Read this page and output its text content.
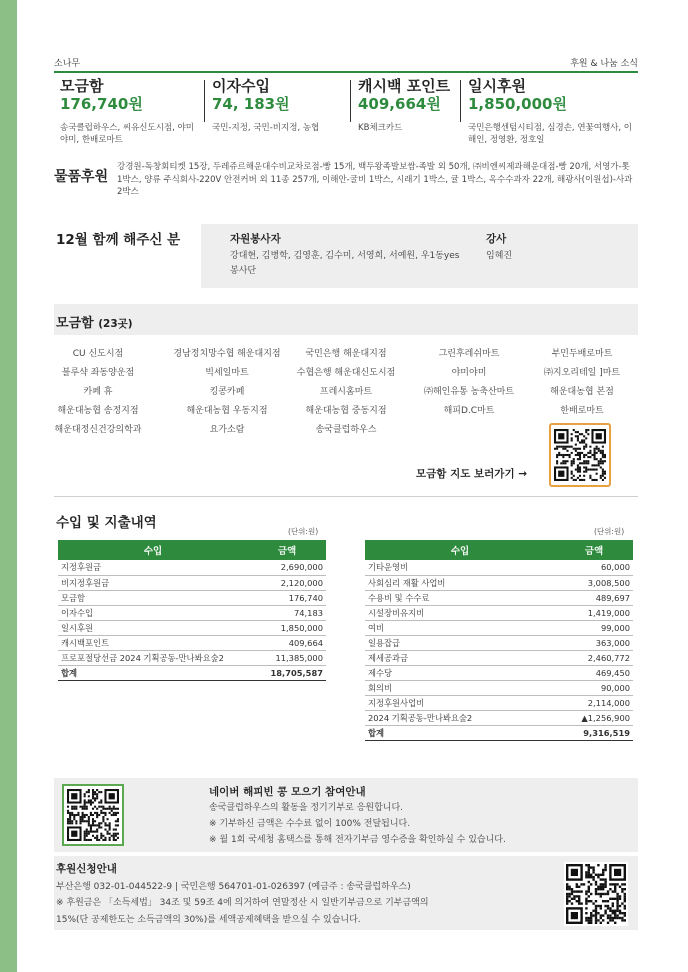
소나무	후원 & 나눔 소식
모금함
176,740원
송국클럽하우스, 씨유신도시점, 야미야미, 한배로마트
이자수입
74, 183원
국민-지정, 국민-비지정, 농협
캐시백 포인트
409,664원
KB체크카드
일시후원
1,850,000원
국민은행센텀시티점, 심경손, 연꽃여행사, 이해인, 정영환, 정호일
물품후원
강경원-독창회티켓 15장, 두레쥬르해운대수비교차로점-빵 15개, 백두왕족발보쌈-족발 외 50개, ㈜비엔씨제과해운대점-빵 20개, 서영가-톳 1박스, 양류 주식회사-220V 안전커버 외 11종 257개, 이해안-굴비 1박스, 시래기 1박스, 귤 1박스, 옥수수과자 22개, 해광사(이원섭)-사과 2박스
12월 함께 해주신 분	자원봉사자
강대현, 김병학, 김영훈, 김수미, 서영희, 서예원, 우1동yes봉사단
강사
임혜진
모금함 (23곳)
CU 신도시점	경남정치망수협 해운대지점	국민은행 해운대지점	그린후레쉬마트	부민두배로마트
블루샥 좌동양운점	빅세일마트	수협은행 해운대신도시점	야미야미	㈜지오리테일 ]마트
카페 휴	킹콩카페	프레시홈마트	㈜해인유통 농축산마트	해운대농협 본점
해운대농협 송정지점	해운대농협 우동지점	해운대농협 중동지점	해피D.C마트	한배로마트
해운대정신건강의학과	요가소람	송국클럽하우스
모금함 지도 보러가기 →
수입 및 지출내역
(단위:원)	(단위:원)
수입	금액
지정후원금	2,690,000
비지정후원금	2,120,000
모금함	176,740
이자수입	74,183
일시후원	1,850,000
캐시백포인트	409,664
프로포절당선금 2024 기획공동-만나봐요숲2	11,385,000
합계	18,705,587
수입	금액
기타운영비	60,000
사회심리 재활 사업비	3,008,500
수용비 및 수수료	489,697
시설장비유지비	1,419,000
여비	99,000
일용잡급	363,000
제세공과금	2,460,772
제수당	469,450
회의비	90,000
지정후원사업비	2,114,000
2024 기획공동-만나봐요숲2	▲1,256,900
합계	9,316,519
네이버 해피빈 콩 모으기 참여안내
송국클럽하우스의 활동을 정기기부로 응원합니다.
※ 기부하신 금액은 수수료 없이 100% 전달됩니다.
※ 월 1회 국세청 홈택스를 통해 전자기부금 영수증을 확인하실 수 있습니다.
후원신청안내
부산은행 032-01-044522-9 | 국민은행 564701-01-026397 (예금주 : 송국클럽하우스)
※ 후원금은 「소득세법」 34조 및 59조 4에 의거하여 연말정산 시 일반기부금으로 기부금액의
15%(단 공제한도는 소득금액의 30%)를 세액공제혜택을 받으실 수 있습니다.
